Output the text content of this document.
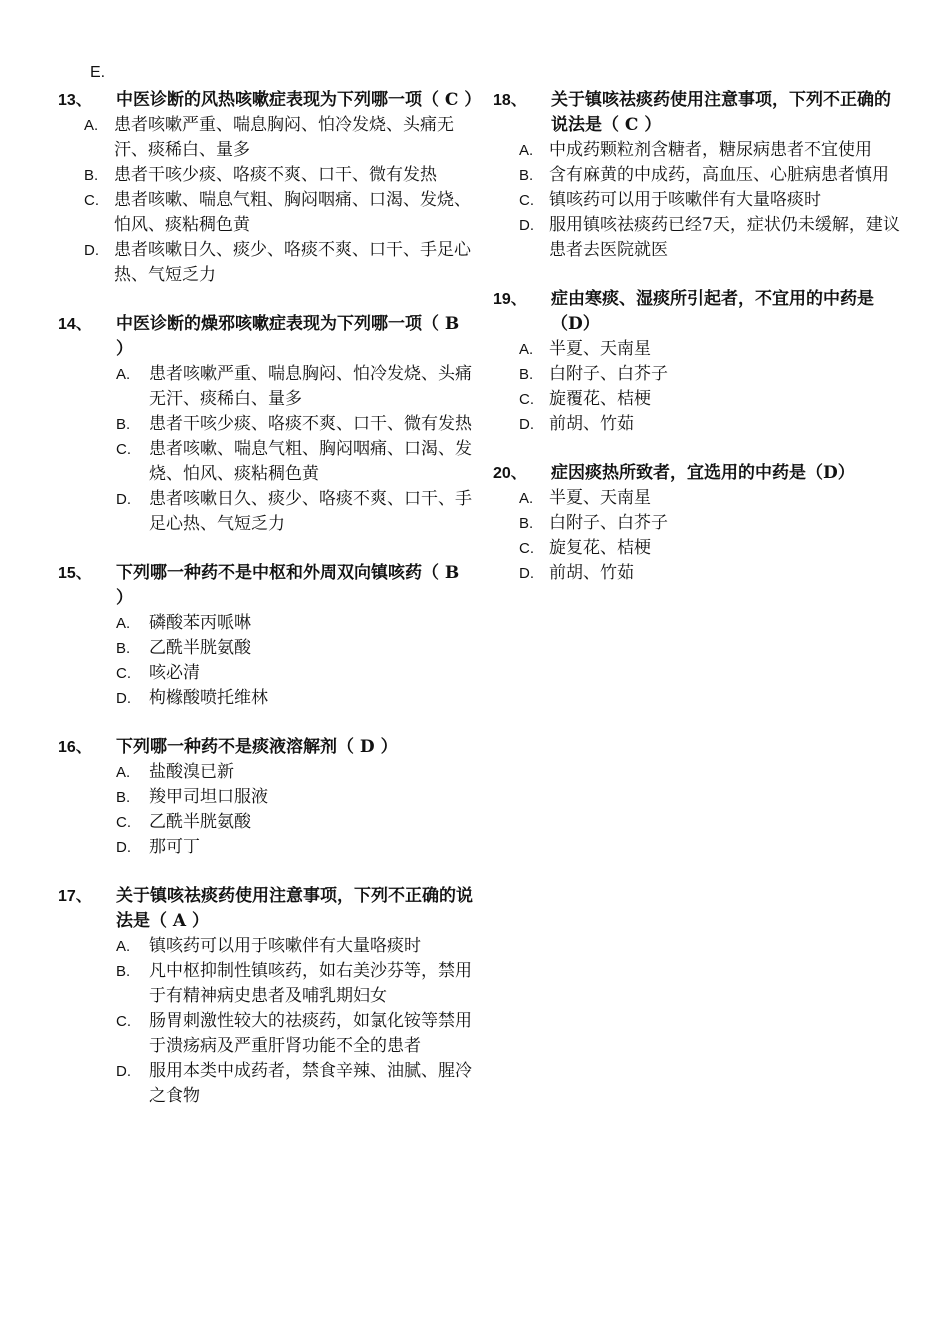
E.
13、	中医诊断的风热咳嗽症表现为下列哪一项（ C ）
A. 患者咳嗽严重、喘息胸闷、怕冷发烧、头痛无汗、痰稀白、量多
B. 患者干咳少痰、咯痰不爽、口干、微有发热
C. 患者咳嗽、喘息气粗、胸闷咽痛、口渴、发烧、怕风、痰粘稠色黄
D. 患者咳嗽日久、痰少、咯痰不爽、口干、手足心热、气短乏力
14、	中医诊断的燥邪咳嗽症表现为下列哪一项（ B ）
A.	患者咳嗽严重、喘息胸闷、怕冷发烧、头痛无汗、痰稀白、量多
B.	患者干咳少痰、咯痰不爽、口干、微有发热
C.	患者咳嗽、喘息气粗、胸闷咽痛、口渴、发烧、怕风、痰粘稠色黄
D.	患者咳嗽日久、痰少、咯痰不爽、口干、手足心热、气短乏力
15、	下列哪一种药不是中枢和外周双向镇咳药（ B ）
A.	磷酸苯丙哌啉
B.	乙酰半胱氨酸
C.	咳必清
D.	枸橼酸喷托维林
16、	下列哪一种药不是痰液溶解剂（ D ）
A.	盐酸溴已新
B.	羧甲司坦口服液
C.	乙酰半胱氨酸
D.	那可丁
17、	关于镇咳祛痰药使用注意事项，下列不正确的说法是（ A ）
A.	镇咳药可以用于咳嗽伴有大量咯痰时
B.	凡中枢抑制性镇咳药，如右美沙芬等，禁用于有精神病史患者及哺乳期妇女
C.	肠胃刺激性较大的祛痰药，如氯化铵等禁用于溃疡病及严重肝肾功能不全的患者
D.	服用本类中成药者，禁食辛辣、油腻、腥冷之食物
18、	关于镇咳祛痰药使用注意事项，下列不正确的说法是（ C ）
A. 中成药颗粒剂含糖者，糖尿病患者不宜使用
B. 含有麻黄的中成药，高血压、心脏病患者慎用
C. 镇咳药可以用于咳嗽伴有大量咯痰时
D. 服用镇咳祛痰药已经7天，症状仍未缓解，建议患者去医院就医
19、	症由寒痰、湿痰所引起者，不宜用的中药是（D）
A. 半夏、天南星
B. 白附子、白芥子
C. 旋覆花、桔梗
D. 前胡、竹茹
20、	症因痰热所致者，宜选用的中药是（D）
A. 半夏、天南星
B. 白附子、白芥子
C. 旋复花、桔梗
D. 前胡、竹茹
